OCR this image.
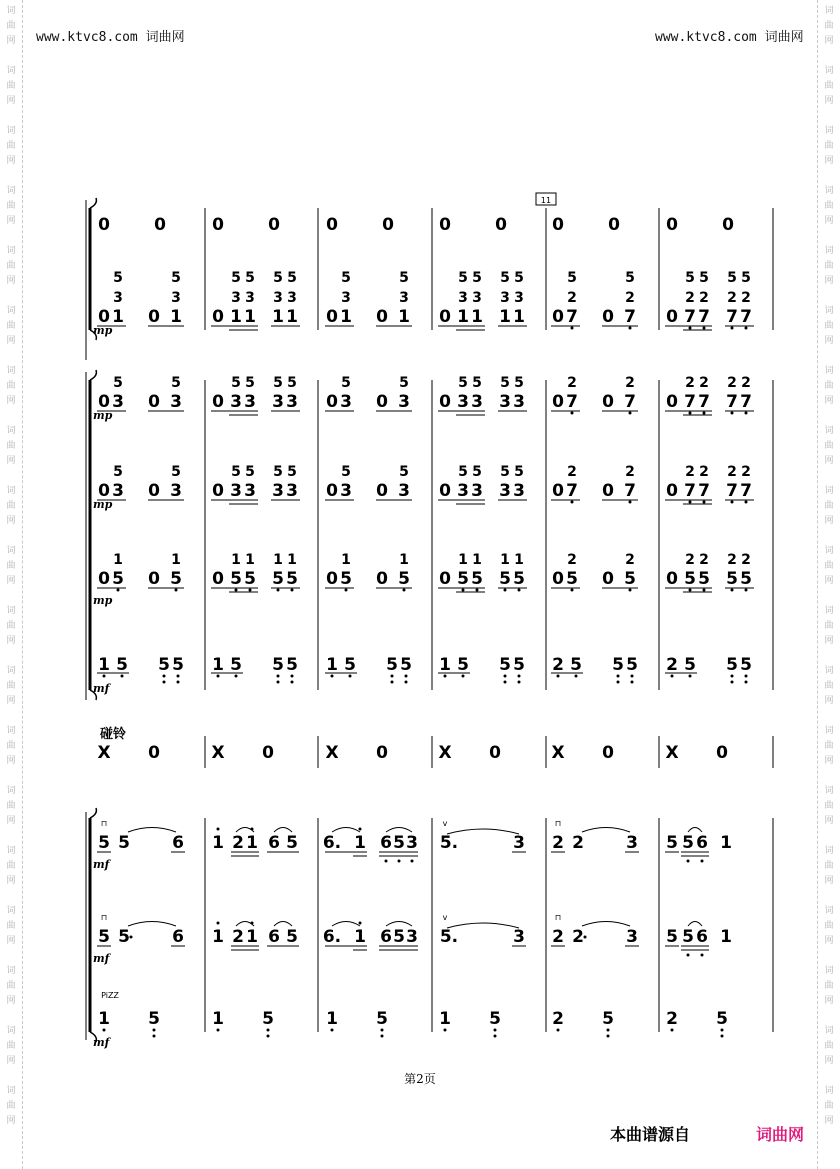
词
曲
网
词
曲
网
词
曲
网
词
曲
网
词
曲
网
词
曲
网
词
曲
网
词
曲
网
词
曲
网
词
曲
网
词
曲
网
词
曲
网
词
曲
网
词
曲
网
词
曲
网
词
曲
网
词
曲
网
词
曲
网
词
曲
网
词
曲
网
词
曲
网
词
曲
网
词
曲
网
词
曲
网
词
曲
网
词
曲
网
词
曲
网
词
曲
网
词
曲
网
词
曲
网
词
曲
网
词
曲
网
词
曲
网
词
曲
网
词
曲
网
词
曲
网
词
曲
网
词
曲
网
www.ktvc8.com 词曲网	www.ktvc8.com 词曲网
11
0	0	0	0	0	0	0	0	0	0	0	0
0
5
3
1 0
5
3
1	0
5
3
1 0
5
3
1
0
5
3
1
5
3
1
5
3
1
5
3
1	0
5
3
1
5
3
1
5
3
1
5
3
1 0
5
2
7 0
5
2
7 0
5
2
7
5
2
7
5
2
7
5
2
7
mp
0
5
3 0
5
3	0
5
3 0
5
3
0
5
3
5
3
5
3
5
3	0
5
3
5
3
5
3
5
3 0
2
7 0
2
7 0
2
7
2
7
2
7
2
7
mp
0
5
3 0
5
3	0
5
3 0
5
3
0
5
3
5
3
5
3
5
3	0
5
3
5
3
5
3
5
3 0
2
7 0
2
7 0
2
7
2
7
2
7
2
7
mp
0
1
5 0
1
5	0
1
5 0
1
5
0
1
5
1
5
1
5
1
5	0
1
5
1
5
1
5
1
5 0
2
5 0
2
5 0
2
5
2
5
2
5
2
5
mp
1 5 5 5 1 5 5 5 1 5 5 5 1 5 5 5 2 5 5 5 2 5 5 5
mf
碰铃
X 0	X 0	X 0	X 0	X 0	X 0
5 5 6 1 2 1 6 5 6. 1 6 5 3 5.	3
v
2 2 3
⊓
5 5 6 1
⊓
mf
5 5 6 1 2 1 6 5 6. 1 6 5 3 5.	3
v
2 2 3
⊓
5 5 6 1
⊓
mf
PiZZ
1 5	1 5	1 5	1 5	2 5	2 5
mf
第2页
本曲谱源自	词曲网
